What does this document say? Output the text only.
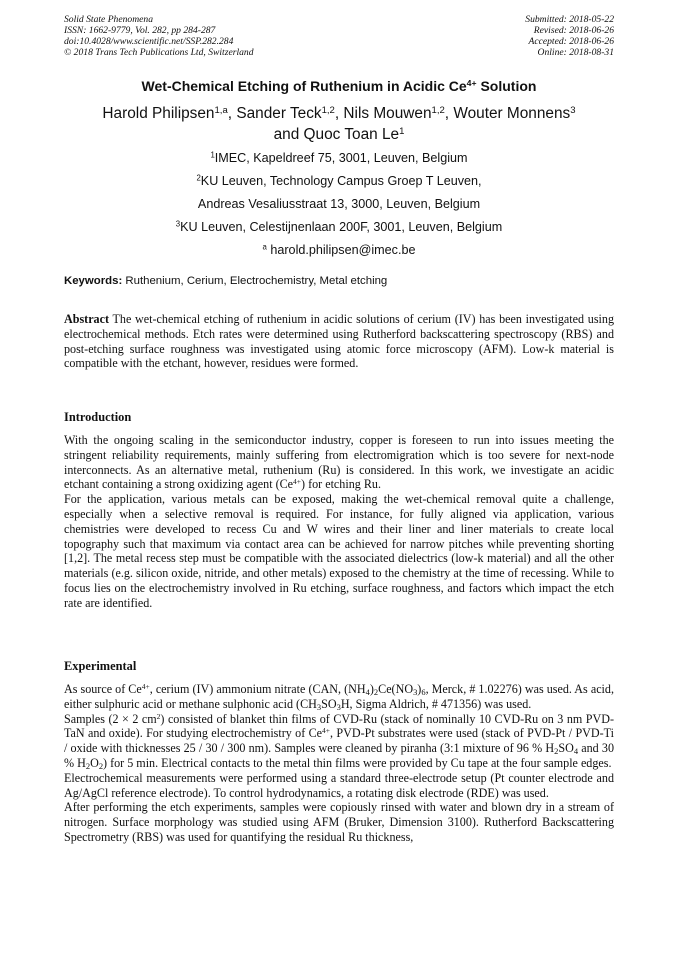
Solid State Phenomena
ISSN: 1662-9779, Vol. 282, pp 284-287
doi:10.4028/www.scientific.net/SSP.282.284
© 2018 Trans Tech Publications Ltd, Switzerland
Submitted: 2018-05-22
Revised: 2018-06-26
Accepted: 2018-06-26
Online: 2018-08-31
Wet-Chemical Etching of Ruthenium in Acidic $Ce^{4+}$ Solution
Harold Philipsen$^{1,a}$, Sander Teck$^{1,2}$, Nils Mouwen$^{1,2}$, Wouter Monnens$^3$
and Quoc Toan Le$^1$
$^1$IMEC, Kapeldreef 75, 3001, Leuven, Belgium
$^2$KU Leuven, Technology Campus Groep T Leuven,
Andreas Vesaliusstraat 13, 3000, Leuven, Belgium
$^3$KU Leuven, Celestijnenlaan 200F, 3001, Leuven, Belgium
$^a$ harold.philipsen@imec.be
Keywords: Ruthenium, Cerium, Electrochemistry, Metal etching

Abstract The wet-chemical etching of ruthenium in acidic solutions of cerium (IV) has been investigated using electrochemical methods. Etch rates were determined using Rutherford backscattering spectroscopy (RBS) and post-etching surface roughness was investigated using atomic force microscopy (AFM). Low-k material is compatible with the etchant, however, residues were formed.

Introduction

With the ongoing scaling in the semiconductor industry, copper is foreseen to run into issues meeting the stringent reliability requirements, mainly suffering from electromigration which is too severe for next-node interconnects. As an alternative metal, ruthenium (Ru) is considered. In this work, we investigate an acidic etchant containing a strong oxidizing agent $(Ce^{4+})$ for etching Ru.

For the application, various metals can be exposed, making the wet-chemical removal quite a challenge, especially when a selective removal is required. For instance, for fully aligned via application, various chemistries were developed to recess Cu and W wires and their liner and liner materials to create local topography such that maximum via contact area can be achieved for narrow pitches while preventing shorting [1,2]. The metal recess step must be compatible with the associated dielectrics (low-k material) and all the other materials (e.g. silicon oxide, nitride, and other metals) exposed to the chemistry at the time of recessing. While to focus lies on the electrochemistry involved in Ru etching, surface roughness, and factors which impact the etch rate are identified.

Experimental

As source of $Ce^{4+}$, cerium (IV) ammonium nitrate (CAN, $(NH_4)_2Ce(NO_3)_6$, Merck, # 1.02276) was used. As acid, either sulphuric acid or methane sulphonic acid ($CH_3SO_3H$, Sigma Aldrich, # 471356) was used.

Samples (2 × 2 $cm^2$) consisted of blanket thin films of CVD-Ru (stack of nominally 10 CVD-Ru on 3 nm PVD-TaN and oxide). For studying electrochemistry of $Ce^{4+}$, PVD-Pt substrates were used (stack of PVD-Pt / PVD-Ti / oxide with thicknesses 25 / 30 / 300 nm). Samples were cleaned by piranha (3:1 mixture of 96 % $H_2SO_4$ and 30 % $H_2O_2$) for 5 min. Electrical contacts to the metal thin films were provided by Cu tape at the four sample edges.

Electrochemical measurements were performed using a standard three-electrode setup (Pt counter electrode and Ag/AgCl reference electrode). To control hydrodynamics, a rotating disk electrode (RDE) was used.

After performing the etch experiments, samples were copiously rinsed with water and blown dry in a stream of nitrogen. Surface morphology was studied using AFM (Bruker, Dimension 3100). Rutherford Backscattering Spectrometry (RBS) was used for quantifying the residual Ru thickness,
